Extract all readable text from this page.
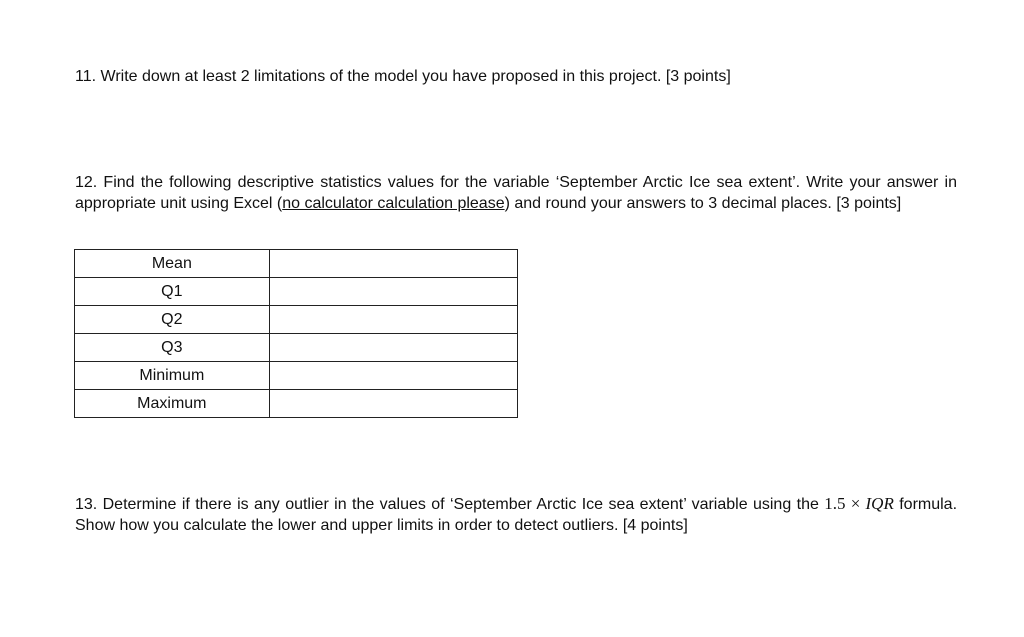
11. Write down at least 2 limitations of the model you have proposed in this project. [3 points]
12. Find the following descriptive statistics values for the variable ‘September Arctic Ice sea extent’. Write your answer in appropriate unit using Excel (no calculator calculation please) and round your answers to 3 decimal places. [3 points]
Mean	
Q1	
Q2	
Q3	
Minimum	
Maximum	
13. Determine if there is any outlier in the values of ‘September Arctic Ice sea extent’ variable using the 1.5 × IQR formula. Show how you calculate the lower and upper limits in order to detect outliers. [4 points]
